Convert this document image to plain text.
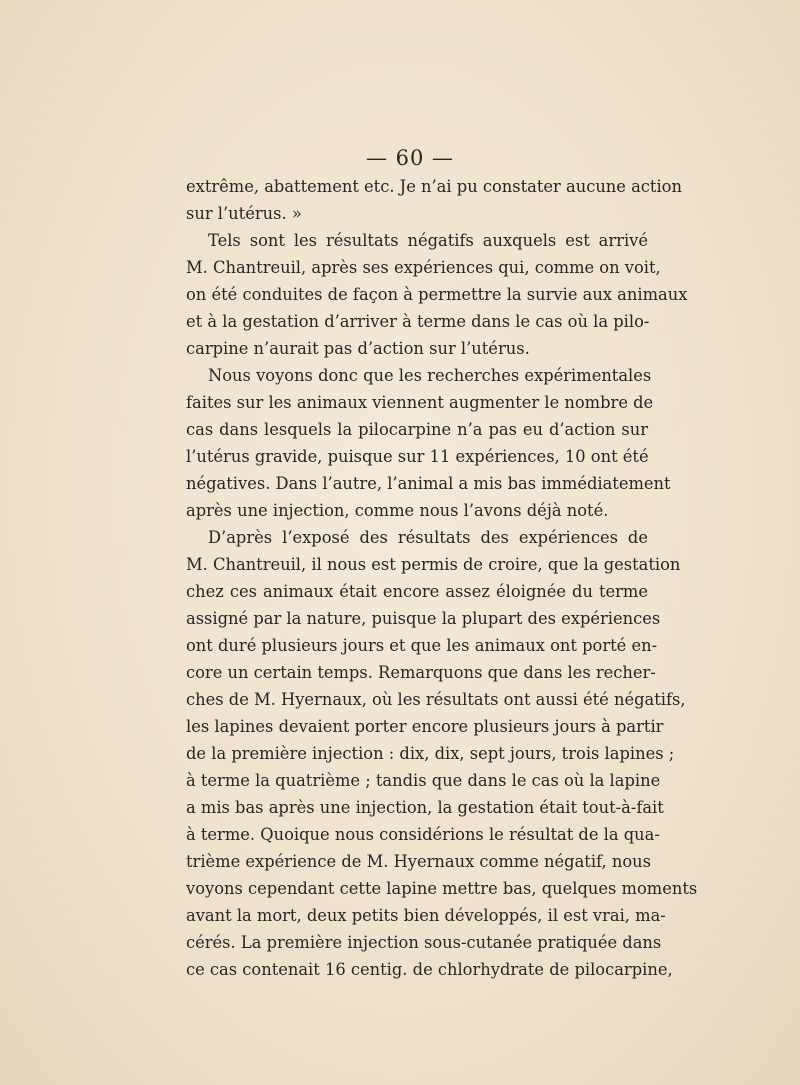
— 60 —

extrême, abattement etc. Je n’ai pu constater aucune action
sur l’utérus. »
Tels sont les résultats négatifs auxquels est arrivé
M. Chantreuil, après ses expériences qui, comme on voit,
on été conduites de façon à permettre la survie aux animaux
et à la gestation d’arriver à terme dans le cas où la pilo-
carpine n’aurait pas d’action sur l’utérus.
Nous voyons donc que les recherches expérimentales
faites sur les animaux viennent augmenter le nombre de
cas dans lesquels la pilocarpine n’a pas eu d’action sur
l’utérus gravide, puisque sur 11 expériences, 10 ont été
négatives. Dans l’autre, l’animal a mis bas immédiatement
après une injection, comme nous l’avons déjà noté.
D’après l’exposé des résultats des expériences de
M. Chantreuil, il nous est permis de croire, que la gestation
chez ces animaux était encore assez éloignée du terme
assigné par la nature, puisque la plupart des expériences
ont duré plusieurs jours et que les animaux ont porté en-
core un certain temps. Remarquons que dans les recher-
ches de M. Hyernaux, où les résultats ont aussi été négatifs,
les lapines devaient porter encore plusieurs jours à partir
de la première injection : dix, dix, sept jours, trois lapines ;
à terme la quatrième ; tandis que dans le cas où la lapine
a mis bas après une injection, la gestation était tout-à-fait
à terme. Quoique nous considérions le résultat de la qua-
trième expérience de M. Hyernaux comme négatif, nous
voyons cependant cette lapine mettre bas, quelques moments
avant la mort, deux petits bien développés, il est vrai, ma-
cérés. La première injection sous-cutanée pratiquée dans
ce cas contenait 16 centig. de chlorhydrate de pilocarpine,
